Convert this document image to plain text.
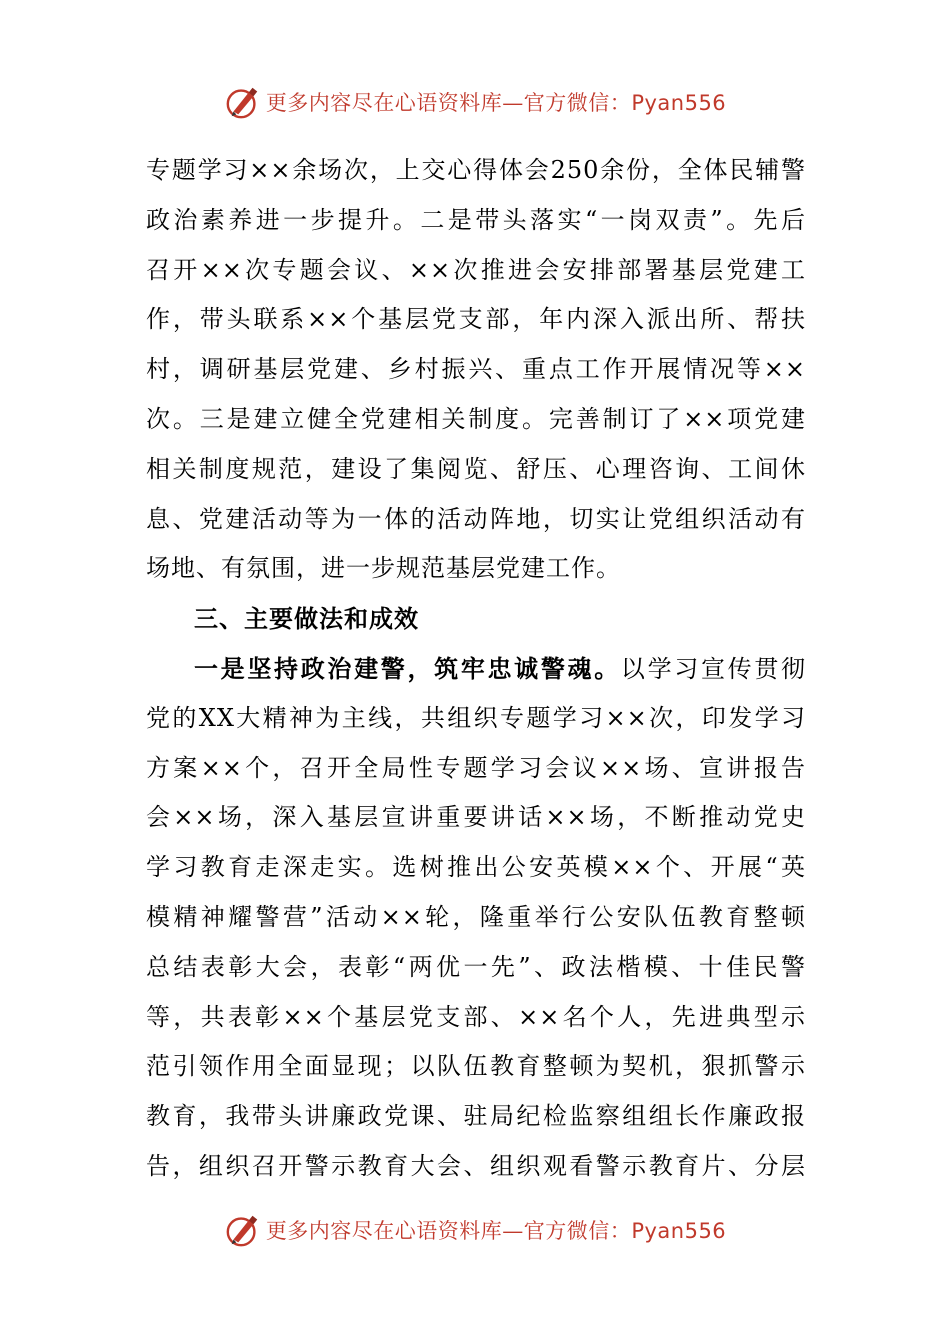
更多内容尽在心语资料库—官方微信：Pyan556
专题学习××余场次，上交心得体会250余份，全体民辅警
政治素养进一步提升。二是带头落实“一岗双责”。先后
召开××次专题会议、××次推进会安排部署基层党建工
作，带头联系××个基层党支部，年内深入派出所、帮扶
村，调研基层党建、乡村振兴、重点工作开展情况等××
次。三是建立健全党建相关制度。完善制订了××项党建
相关制度规范，建设了集阅览、舒压、心理咨询、工间休
息、党建活动等为一体的活动阵地，切实让党组织活动有
场地、有氛围，进一步规范基层党建工作。
三、主要做法和成效
一是坚持政治建警，筑牢忠诚警魂。以学习宣传贯彻
党的XX大精神为主线，共组织专题学习××次，印发学习
方案××个，召开全局性专题学习会议××场、宣讲报告
会××场，深入基层宣讲重要讲话××场，不断推动党史
学习教育走深走实。选树推出公安英模××个、开展“英
模精神耀警营”活动××轮，隆重举行公安队伍教育整顿
总结表彰大会，表彰“两优一先”、政法楷模、十佳民警
等，共表彰××个基层党支部、××名个人，先进典型示
范引领作用全面显现；以队伍教育整顿为契机，狠抓警示
教育，我带头讲廉政党课、驻局纪检监察组组长作廉政报
告，组织召开警示教育大会、组织观看警示教育片、分层
更多内容尽在心语资料库—官方微信：Pyan556
